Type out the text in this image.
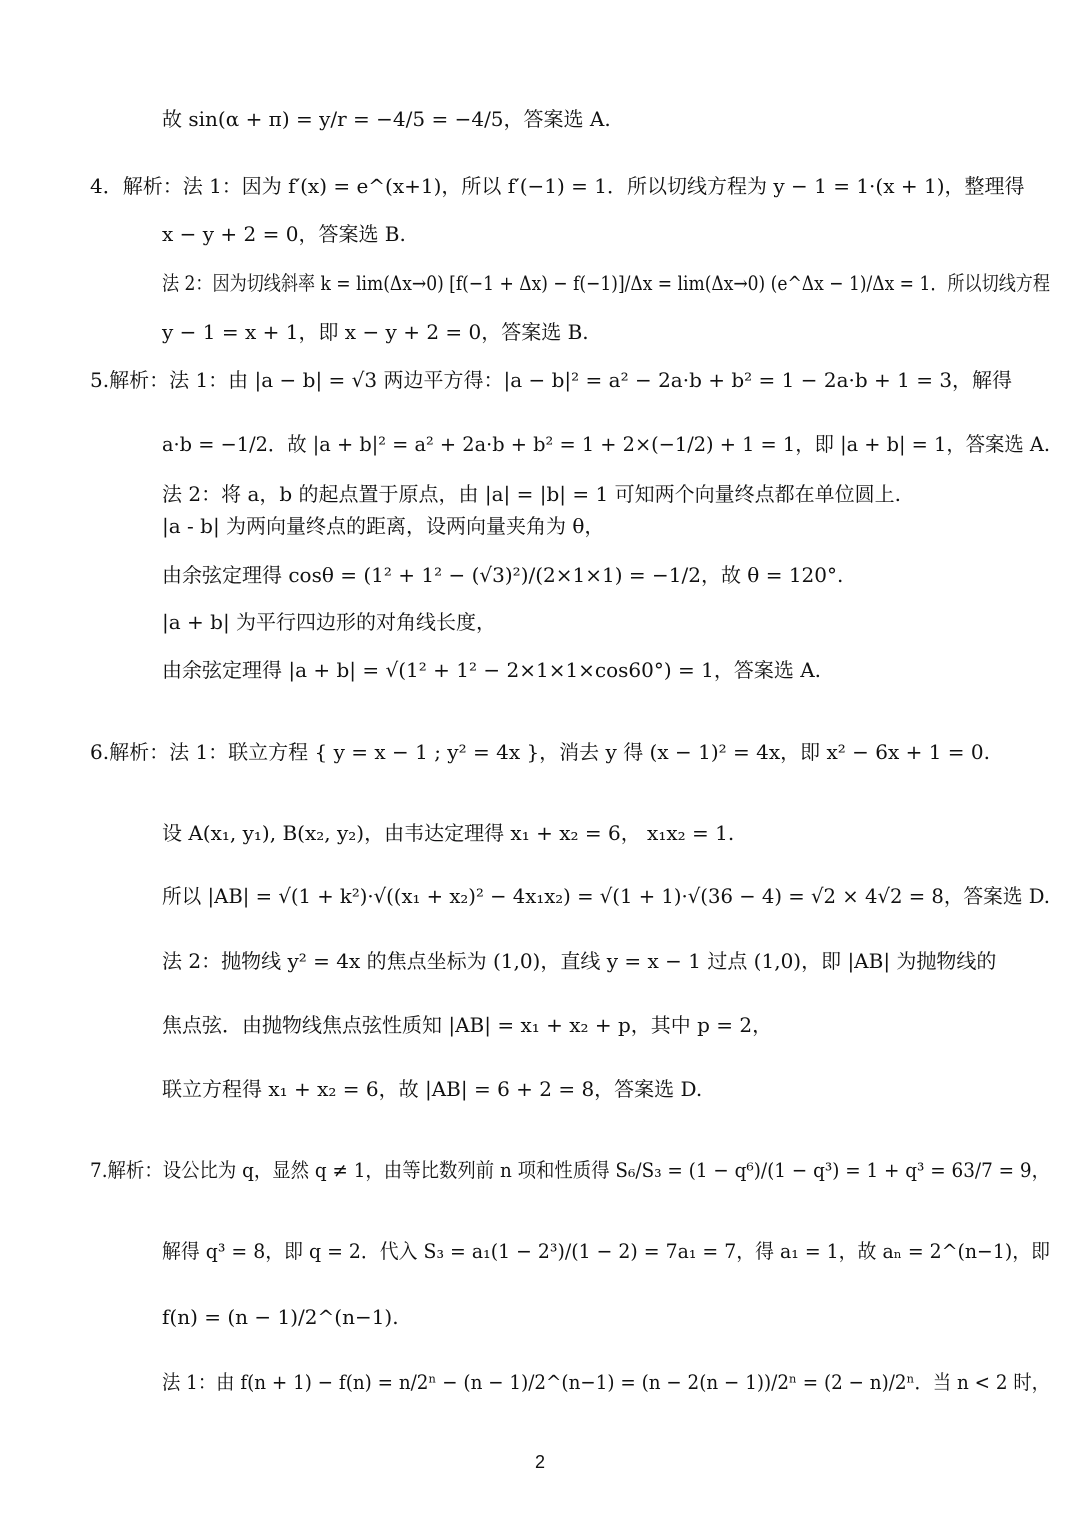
故 sin(α + π) = y/r = −4/5 = −4/5，答案选 A.
4．解析：法 1：因为 f′(x) = e^(x+1)，所以 f′(−1) = 1．所以切线方程为 y − 1 = 1·(x + 1)，整理得
x − y + 2 = 0，答案选 B.
法 2：因为切线斜率 k = lim(Δx→0) [f(−1 + Δx) − f(−1)]/Δx = lim(Δx→0) (e^Δx − 1)/Δx = 1．所以切线方程
y − 1 = x + 1，即 x − y + 2 = 0，答案选 B.
5.解析：法 1：由 |a − b| = √3 两边平方得：|a − b|² = a² − 2a·b + b² = 1 − 2a·b + 1 = 3，解得
a·b = −1/2．故 |a + b|² = a² + 2a·b + b² = 1 + 2×(−1/2) + 1 = 1，即 |a + b| = 1，答案选 A.
法 2：将 a，b 的起点置于原点，由 |a| = |b| = 1 可知两个向量终点都在单位圆上.
|a - b| 为两向量终点的距离，设两向量夹角为 θ，
由余弦定理得 cosθ = (1² + 1² − (√3)²)/(2×1×1) = −1/2，故 θ = 120°.
|a + b| 为平行四边形的对角线长度，
由余弦定理得 |a + b| = √(1² + 1² − 2×1×1×cos60°) = 1，答案选 A.
6.解析：法 1：联立方程 { y = x − 1 ; y² = 4x }，消去 y 得 (x − 1)² = 4x，即 x² − 6x + 1 = 0.
设 A(x₁, y₁), B(x₂, y₂)，由韦达定理得 x₁ + x₂ = 6， x₁x₂ = 1.
所以 |AB| = √(1 + k²)·√((x₁ + x₂)² − 4x₁x₂) = √(1 + 1)·√(36 − 4) = √2 × 4√2 = 8，答案选 D.
法 2：抛物线 y² = 4x 的焦点坐标为 (1,0)，直线 y = x − 1 过点 (1,0)，即 |AB| 为抛物线的
焦点弦．由抛物线焦点弦性质知 |AB| = x₁ + x₂ + p，其中 p = 2，
联立方程得 x₁ + x₂ = 6，故 |AB| = 6 + 2 = 8，答案选 D.
7.解析：设公比为 q，显然 q ≠ 1，由等比数列前 n 项和性质得 S₆/S₃ = (1 − q⁶)/(1 − q³) = 1 + q³ = 63/7 = 9，
解得 q³ = 8，即 q = 2．代入 S₃ = a₁(1 − 2³)/(1 − 2) = 7a₁ = 7，得 a₁ = 1，故 aₙ = 2^(n−1)，即
f(n) = (n − 1)/2^(n−1).
法 1：由 f(n + 1) − f(n) = n/2ⁿ − (n − 1)/2^(n−1) = (n − 2(n − 1))/2ⁿ = (2 − n)/2ⁿ．当 n < 2 时，
2
